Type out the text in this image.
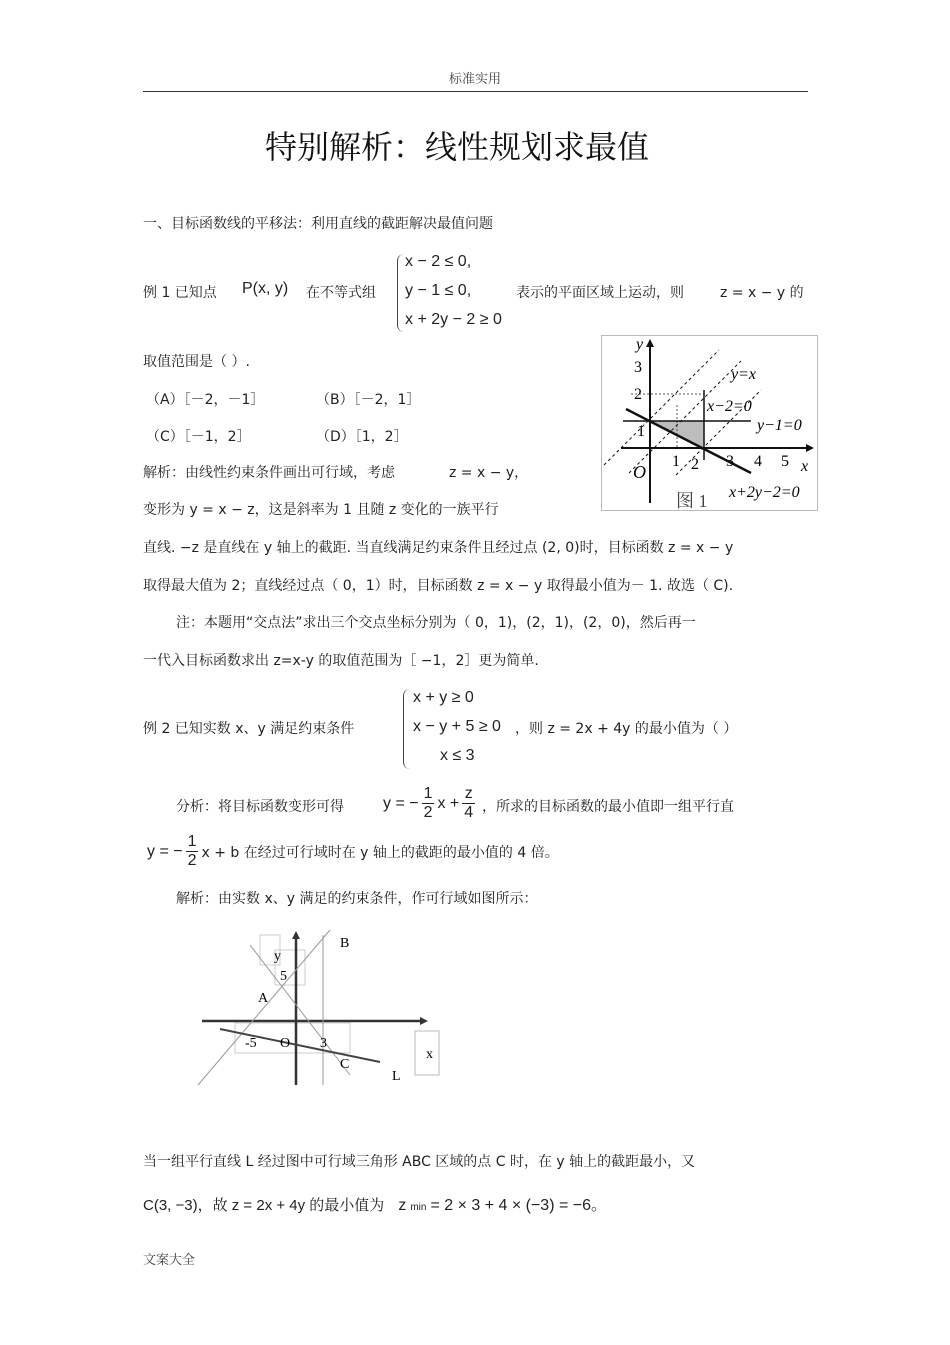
标准实用
特别解析：线性规划求最值
一、目标函数线的平移法：利用直线的截距解决最值问题
例 1 已知点 P(x, y) 在不等式组
x − 2 ≤ 0,
y − 1 ≤ 0,
x + 2y − 2 ≥ 0
表示的平面区域上运动，则	z = x − y 的
取值范围是（ ）.
（A）［－2，－1］	（B）［－2，1］
（C）［－1，2］	（D）［1，2］
解析：由线性约束条件画出可行域，考虑	z = x − y，
变形为 y = x − z，这是斜率为 1 且随 z 变化的一族平行
直线. −z 是直线在 y 轴上的截距. 当直线满足约束条件且经过点 (2, 0)时，目标函数 z = x − y
取得最大值为 2；直线经过点（ 0，1）时，目标函数 z = x − y 取得最小值为－ 1. 故选（ C).
注：本题用“交点法”求出三个交点坐标分别为（ 0，1)，(2，1)，(2，0)，然后再一
一代入目标函数求出 z=x-y 的取值范围为［ −1，2］更为简单.
y
x
O
1 2 3 4 5
1
2
3	y=x
x−2=0
y−1=0
x+2y−2=0
图 1
例 2 已知实数 x、y 满足约束条件
x + y ≥ 0
x − y + 5 ≥ 0
x ≤ 3
，则 z = 2x + 4y 的最小值为（ ）
分析：将目标函数变形可得 y = − $\frac{1}{2}$ $x + \frac{z}{4}$ ，所求的目标函数的最小值即一组平行直
y = − $\frac{1}{2}$ x + b 在经过可行域时在 y 轴上的截距的最小值的 4 倍。
解析：由实数 x、y 满足的约束条件，作可行域如图所示：
B
y
5
A
-5 O 3
C
x
L
当一组平行直线 L 经过图中可行域三角形 ABC 区域的点 C 时，在 y 轴上的截距最小，又
C(3, −3)，故 z = 2x + 4y 的最小值为 z min = 2 × 3 + 4 × (−3) = −6。
文案大全
